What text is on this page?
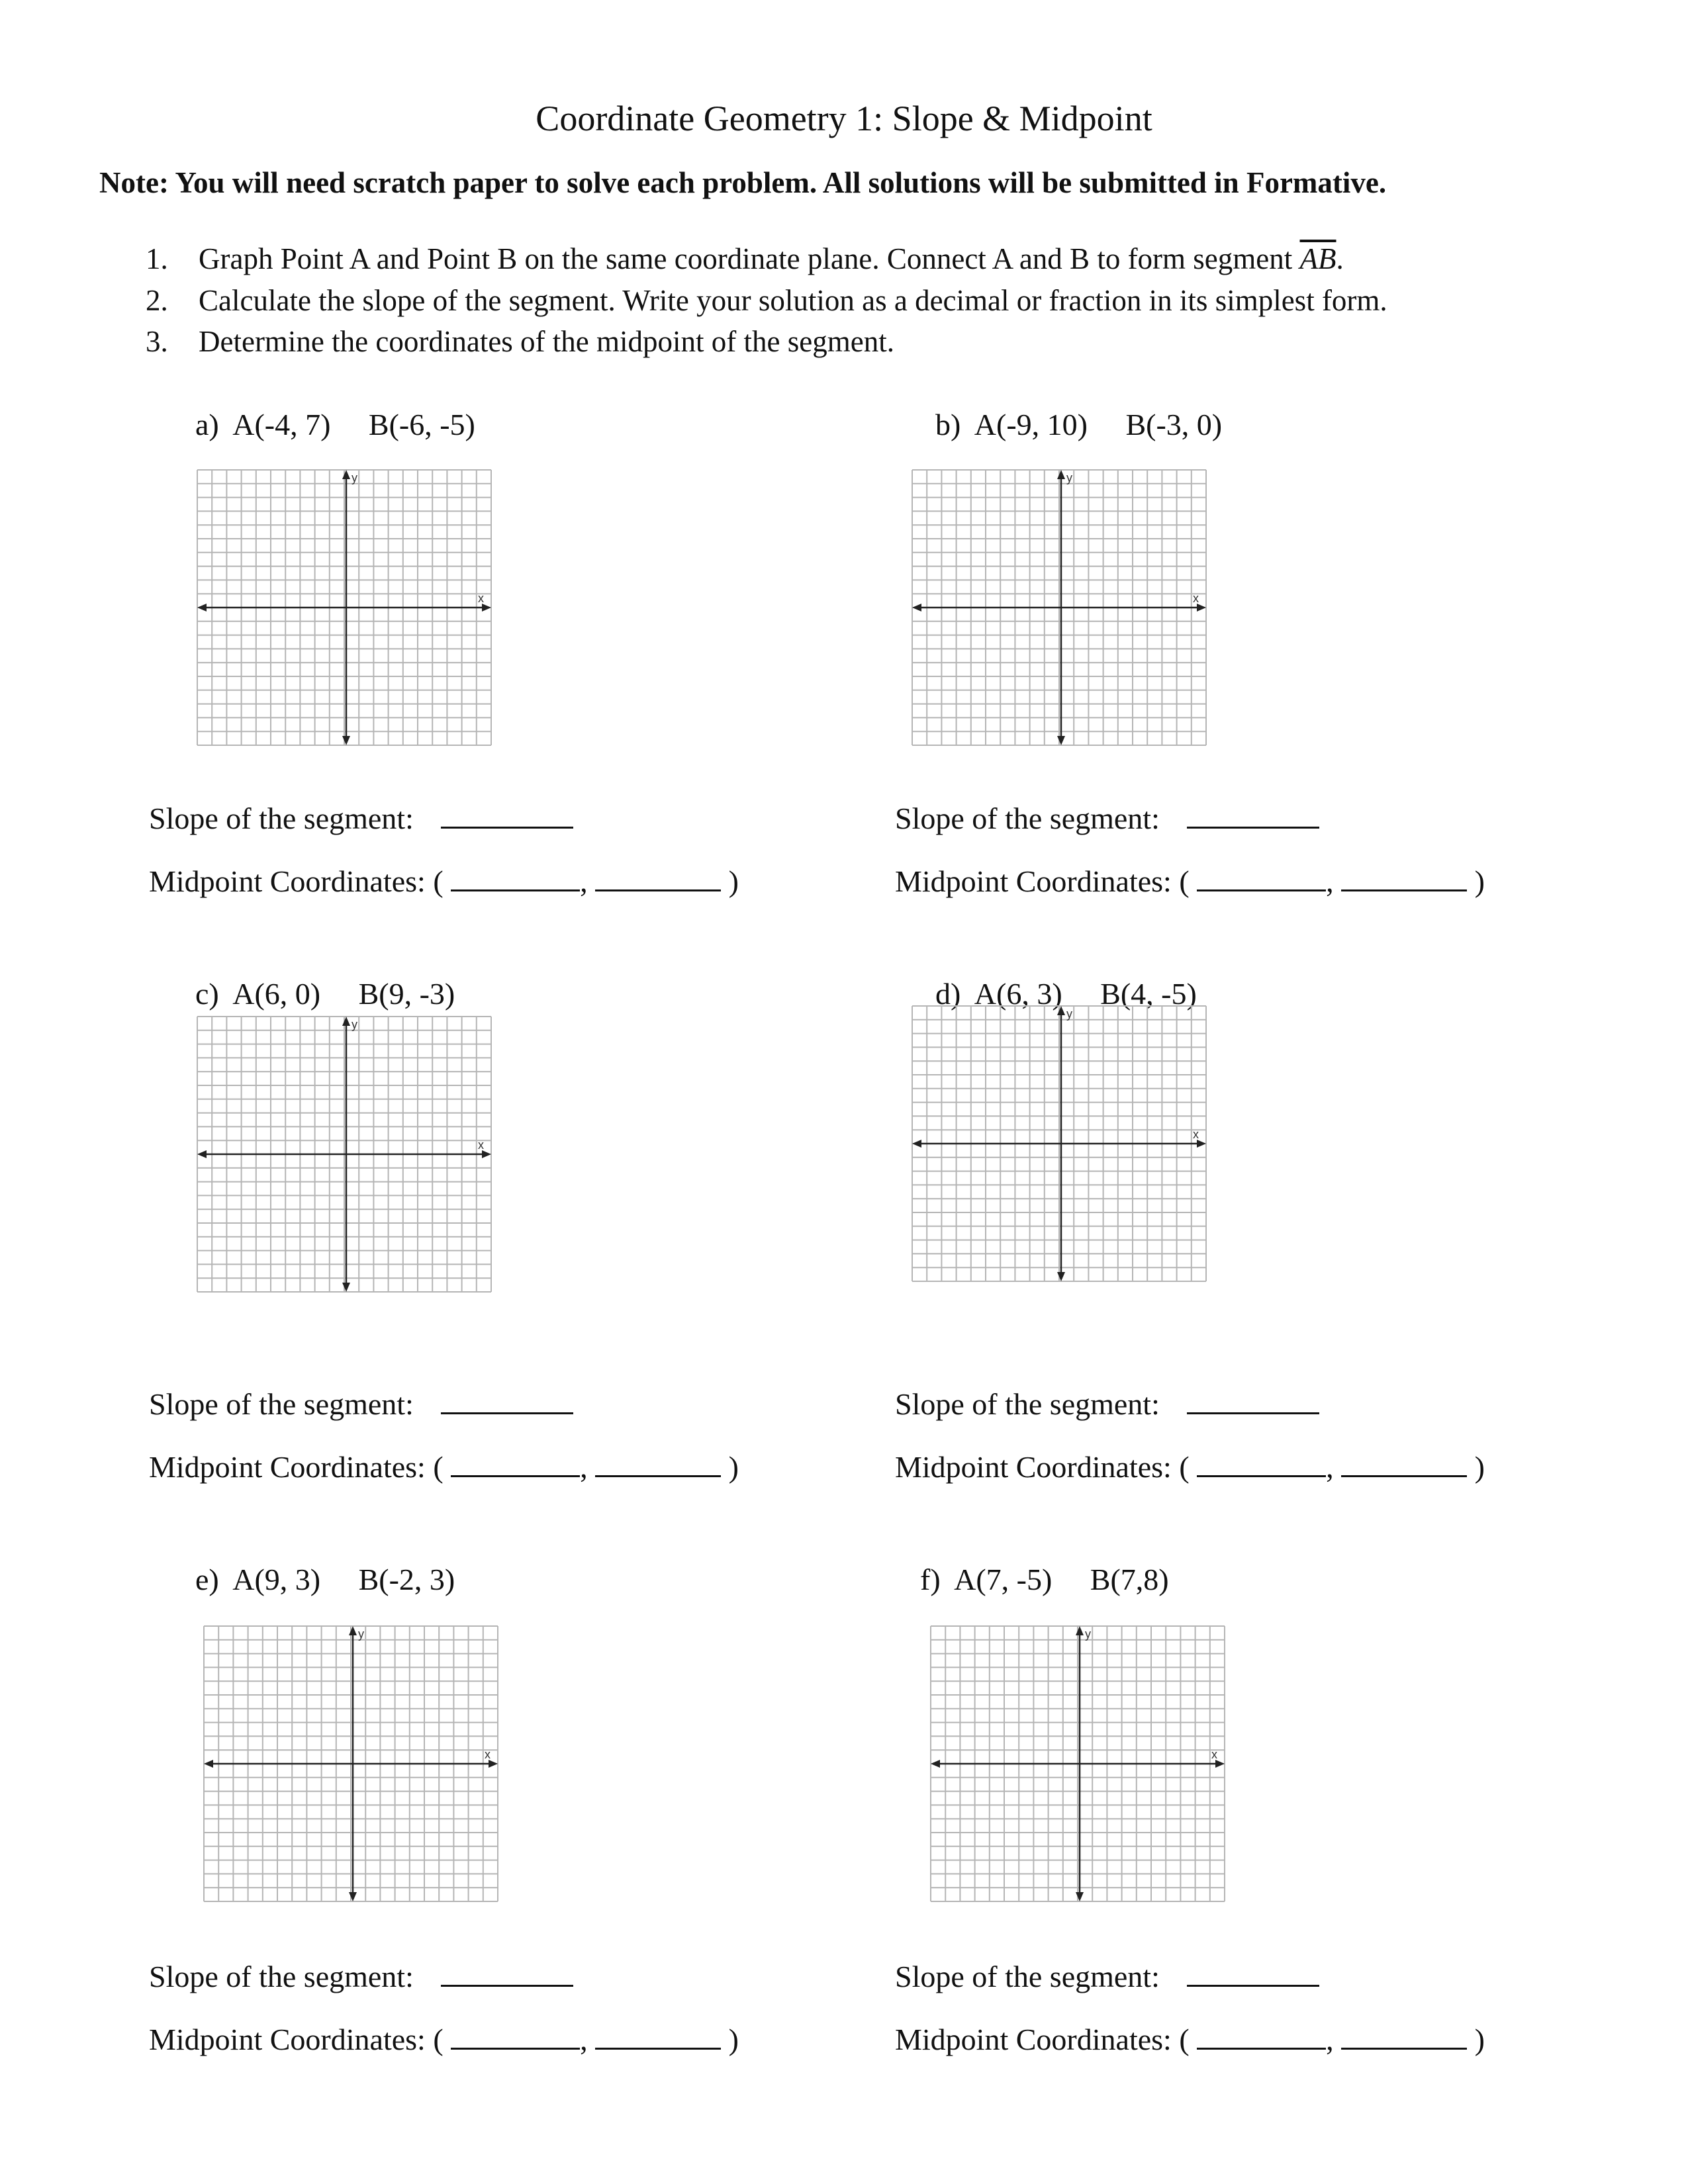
Coordinate Geometry 1: Slope & Midpoint
Note: You will need scratch paper to solve each problem. All solutions will be submitted in Formative.
1. Graph Point A and Point B on the same coordinate plane. Connect A and B to form segment $\overline{AB}$.
2. Calculate the slope of the segment. Write your solution as a decimal or fraction in its simplest form.
3. Determine the coordinates of the midpoint of the segment.
a) A(-4, 7) B(-6, -5)
y
x
Slope of the segment:
Midpoint Coordinates: (	,	)
b) A(-9, 10) B(-3, 0)
y
x
Slope of the segment:
Midpoint Coordinates: (	,	)
c) A(6, 0) B(9, -3)
y
x
Slope of the segment:
Midpoint Coordinates: (	,	)
d) A(6, 3) B(4, -5)
y
x
Slope of the segment:
Midpoint Coordinates: (	,	)
e) A(9, 3) B(-2, 3)
y
x
Slope of the segment:
Midpoint Coordinates: (	,	)
f) A(7, -5) B(7,8)
y
x
Slope of the segment:
Midpoint Coordinates: (	,	)
